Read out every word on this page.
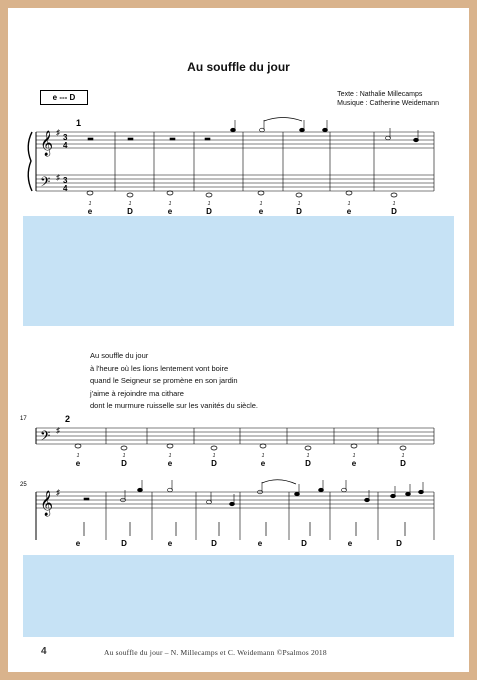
Au souffle du jour
e --- D	Texte : Nathalie Millecamps
Musique : Catherine Weidemann
Au souffle du jour
à l'heure où les lions lentement vont boire
quand le Seigneur se promène en son jardin
j'aime à rejoindre ma cithare
dont le murmure ruisselle sur les vanités du siècle.
𝄞
𝄢
♯
♯
3
4
3
4
1
17	2
𝄢 ♯
25
𝄞 ♯
1	1	1	1	1	1	1	1
e	D	e	D	e	D	e	D
1	1	1	1	1	1	1	1
e	D	e	D	e	D	e	D
e	D	e	D	e	D	e	D
4	Au souffle du jour – N. Millecamps et C. Weidemann ©Psalmos 2018
